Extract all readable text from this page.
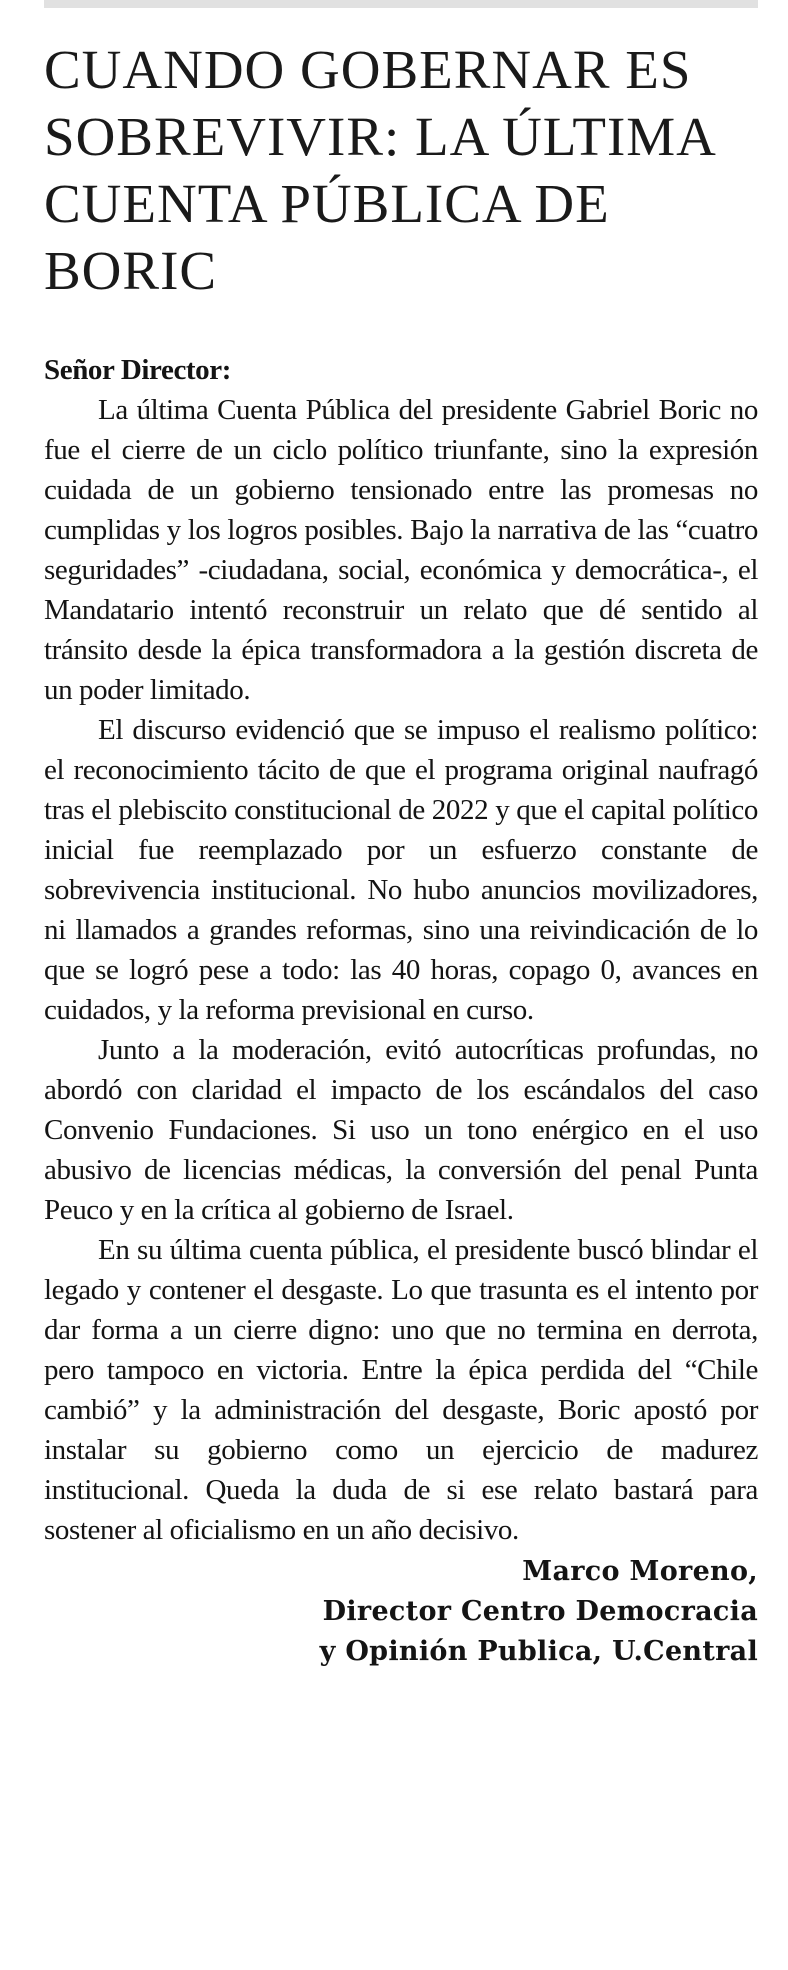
CUANDO GOBERNAR ES SOBREVIVIR: LA ÚLTIMA CUENTA PÚBLICA DE BORIC

Señor Director:

La última Cuenta Pública del presidente Gabriel Boric no fue el cierre de un ciclo político triunfante, sino la expresión cuidada de un gobierno tensionado entre las promesas no cumplidas y los logros posibles. Bajo la narrativa de las “cuatro seguridades” -ciudadana, social, económica y democrática-, el Mandatario intentó reconstruir un relato que dé sentido al tránsito desde la épica transformadora a la gestión discreta de un poder limitado.

El discurso evidenció que se impuso el realismo político: el reconocimiento tácito de que el programa original naufragó tras el plebiscito constitucional de 2022 y que el capital político inicial fue reemplazado por un esfuerzo constante de sobrevivencia institucional. No hubo anuncios movilizadores, ni llamados a grandes reformas, sino una reivindicación de lo que se logró pese a todo: las 40 horas, copago 0, avances en cuidados, y la reforma previsional en curso.

Junto a la moderación, evitó autocríticas profundas, no abordó con claridad el impacto de los escándalos del caso Convenio Fundaciones. Si uso un tono enérgico en el uso abusivo de licencias médicas, la conversión del penal Punta Peuco y en la crítica al gobierno de Israel.

En su última cuenta pública, el presidente buscó blindar el legado y contener el desgaste. Lo que trasunta es el intento por dar forma a un cierre digno: uno que no termina en derrota, pero tampoco en victoria. Entre la épica perdida del “Chile cambió” y la administración del desgaste, Boric apostó por instalar su gobierno como un ejercicio de madurez institucional. Queda la duda de si ese relato bastará para sostener al oficialismo en un año decisivo.

Marco Moreno,
Director Centro Democracia
y Opinión Publica, U.Central
